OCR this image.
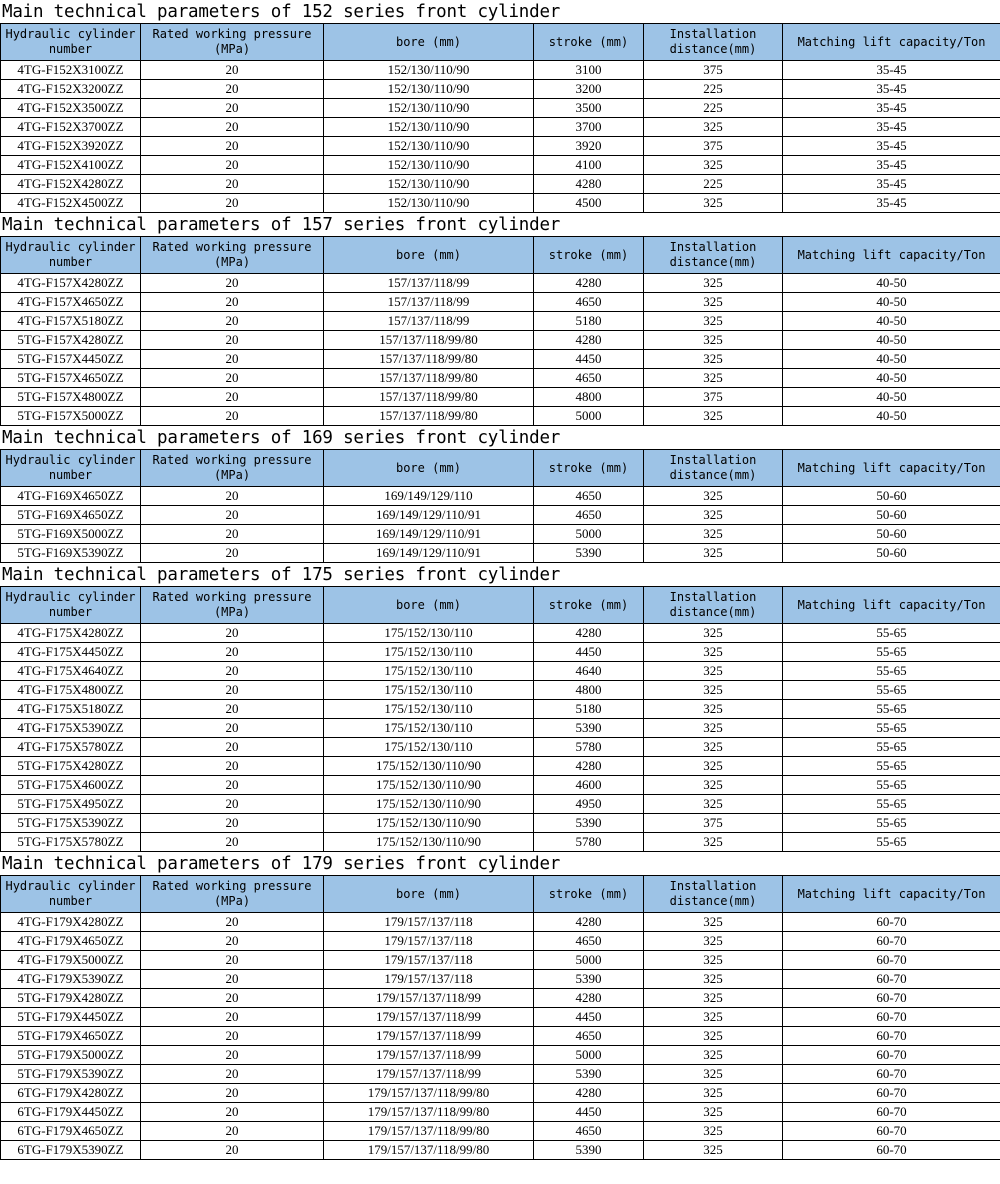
Main technical parameters of 152 series front cylinder
Hydraulic cylinder number	Rated working pressure (MPa)	bore (mm)	stroke (mm)	Installation distance(mm)	Matching lift capacity/Ton
4TG-F152X3100ZZ	20	152/130/110/90	3100	375	35-45
4TG-F152X3200ZZ	20	152/130/110/90	3200	225	35-45
4TG-F152X3500ZZ	20	152/130/110/90	3500	225	35-45
4TG-F152X3700ZZ	20	152/130/110/90	3700	325	35-45
4TG-F152X3920ZZ	20	152/130/110/90	3920	375	35-45
4TG-F152X4100ZZ	20	152/130/110/90	4100	325	35-45
4TG-F152X4280ZZ	20	152/130/110/90	4280	225	35-45
4TG-F152X4500ZZ	20	152/130/110/90	4500	325	35-45
Main technical parameters of 157 series front cylinder
Hydraulic cylinder number	Rated working pressure (MPa)	bore (mm)	stroke (mm)	Installation distance(mm)	Matching lift capacity/Ton
4TG-F157X4280ZZ	20	157/137/118/99	4280	325	40-50
4TG-F157X4650ZZ	20	157/137/118/99	4650	325	40-50
4TG-F157X5180ZZ	20	157/137/118/99	5180	325	40-50
5TG-F157X4280ZZ	20	157/137/118/99/80	4280	325	40-50
5TG-F157X4450ZZ	20	157/137/118/99/80	4450	325	40-50
5TG-F157X4650ZZ	20	157/137/118/99/80	4650	325	40-50
5TG-F157X4800ZZ	20	157/137/118/99/80	4800	375	40-50
5TG-F157X5000ZZ	20	157/137/118/99/80	5000	325	40-50
Main technical parameters of 169 series front cylinder
Hydraulic cylinder number	Rated working pressure (MPa)	bore (mm)	stroke (mm)	Installation distance(mm)	Matching lift capacity/Ton
4TG-F169X4650ZZ	20	169/149/129/110	4650	325	50-60
5TG-F169X4650ZZ	20	169/149/129/110/91	4650	325	50-60
5TG-F169X5000ZZ	20	169/149/129/110/91	5000	325	50-60
5TG-F169X5390ZZ	20	169/149/129/110/91	5390	325	50-60
Main technical parameters of 175 series front cylinder
Hydraulic cylinder number	Rated working pressure (MPa)	bore (mm)	stroke (mm)	Installation distance(mm)	Matching lift capacity/Ton
4TG-F175X4280ZZ	20	175/152/130/110	4280	325	55-65
4TG-F175X4450ZZ	20	175/152/130/110	4450	325	55-65
4TG-F175X4640ZZ	20	175/152/130/110	4640	325	55-65
4TG-F175X4800ZZ	20	175/152/130/110	4800	325	55-65
4TG-F175X5180ZZ	20	175/152/130/110	5180	325	55-65
4TG-F175X5390ZZ	20	175/152/130/110	5390	325	55-65
4TG-F175X5780ZZ	20	175/152/130/110	5780	325	55-65
5TG-F175X4280ZZ	20	175/152/130/110/90	4280	325	55-65
5TG-F175X4600ZZ	20	175/152/130/110/90	4600	325	55-65
5TG-F175X4950ZZ	20	175/152/130/110/90	4950	325	55-65
5TG-F175X5390ZZ	20	175/152/130/110/90	5390	375	55-65
5TG-F175X5780ZZ	20	175/152/130/110/90	5780	325	55-65
Main technical parameters of 179 series front cylinder
Hydraulic cylinder number	Rated working pressure (MPa)	bore (mm)	stroke (mm)	Installation distance(mm)	Matching lift capacity/Ton
4TG-F179X4280ZZ	20	179/157/137/118	4280	325	60-70
4TG-F179X4650ZZ	20	179/157/137/118	4650	325	60-70
4TG-F179X5000ZZ	20	179/157/137/118	5000	325	60-70
4TG-F179X5390ZZ	20	179/157/137/118	5390	325	60-70
5TG-F179X4280ZZ	20	179/157/137/118/99	4280	325	60-70
5TG-F179X4450ZZ	20	179/157/137/118/99	4450	325	60-70
5TG-F179X4650ZZ	20	179/157/137/118/99	4650	325	60-70
5TG-F179X5000ZZ	20	179/157/137/118/99	5000	325	60-70
5TG-F179X5390ZZ	20	179/157/137/118/99	5390	325	60-70
6TG-F179X4280ZZ	20	179/157/137/118/99/80	4280	325	60-70
6TG-F179X4450ZZ	20	179/157/137/118/99/80	4450	325	60-70
6TG-F179X4650ZZ	20	179/157/137/118/99/80	4650	325	60-70
6TG-F179X5390ZZ	20	179/157/137/118/99/80	5390	325	60-70
